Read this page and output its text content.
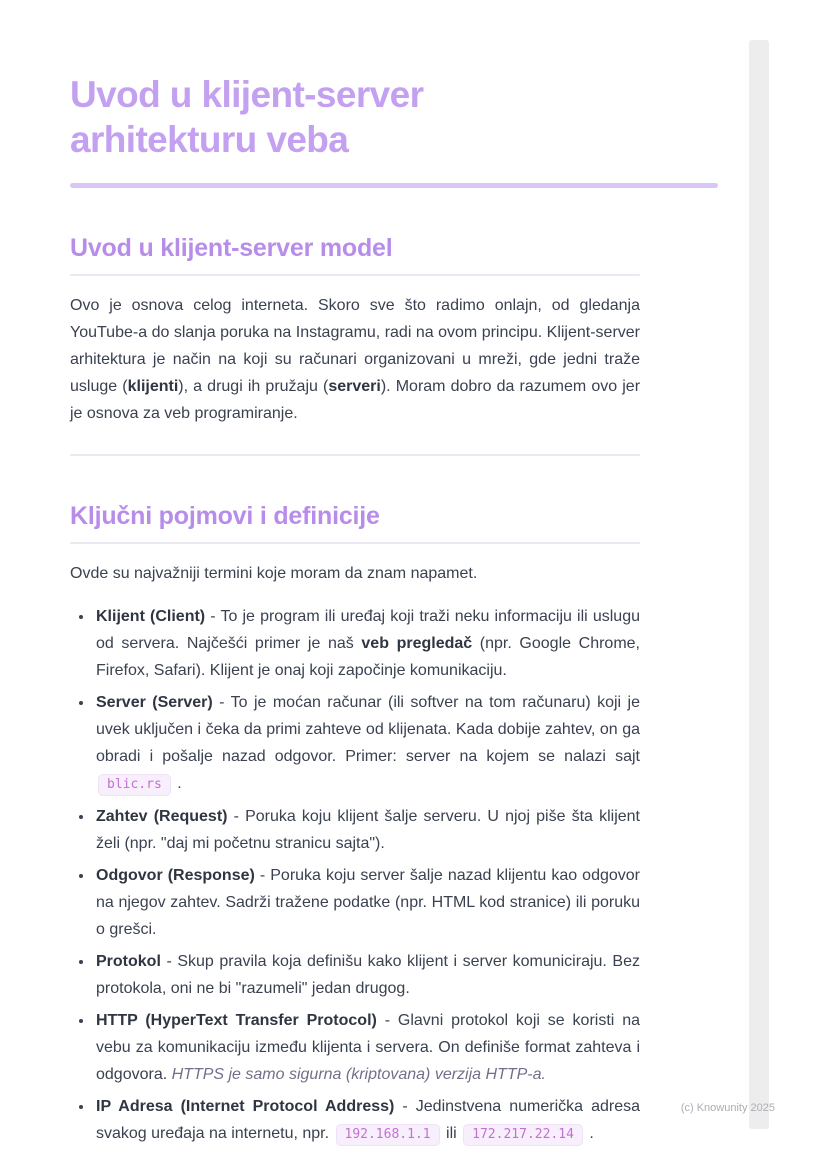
Uvod u klijent-server arhitekturu veba
Uvod u klijent-server model

Ovo je osnova celog interneta. Skoro sve što radimo onlajn, od gledanja YouTube-a do slanja poruka na Instagramu, radi na ovom principu. Klijent-server arhitektura je način na koji su računari organizovani u mreži, gde jedni traže usluge (klijenti), a drugi ih pružaju (serveri). Moram dobro da razumem ovo jer je osnova za veb programiranje.

Ključni pojmovi i definicije

Ovde su najvažniji termini koje moram da znam napamet.

• Klijent (Client) - To je program ili uređaj koji traži neku informaciju ili uslugu od servera. Najčešći primer je naš veb pregledač (npr. Google Chrome, Firefox, Safari). Klijent je onaj koji započinje komunikaciju.
• Server (Server) - To je moćan računar (ili softver na tom računaru) koji je uvek uključen i čeka da primi zahteve od klijenata. Kada dobije zahtev, on ga obradi i pošalje nazad odgovor. Primer: server na kojem se nalazi sajt blic.rs .
• Zahtev (Request) - Poruka koju klijent šalje serveru. U njoj piše šta klijent želi (npr. "daj mi početnu stranicu sajta").
• Odgovor (Response) - Poruka koju server šalje nazad klijentu kao odgovor na njegov zahtev. Sadrži tražene podatke (npr. HTML kod stranice) ili poruku o grešci.
• Protokol - Skup pravila koja definišu kako klijent i server komuniciraju. Bez protokola, oni ne bi "razumeli" jedan drugog.
• HTTP (HyperText Transfer Protocol) - Glavni protokol koji se koristi na vebu za komunikaciju između klijenta i servera. On definiše format zahteva i odgovora. HTTPS je samo sigurna (kriptovana) verzija HTTP-a.
• IP Adresa (Internet Protocol Address) - Jedinstvena numerička adresa svakog uređaja na internetu, npr. 192.168.1.1 ili 172.217.22.14 .
(c) Knowunity 2025
